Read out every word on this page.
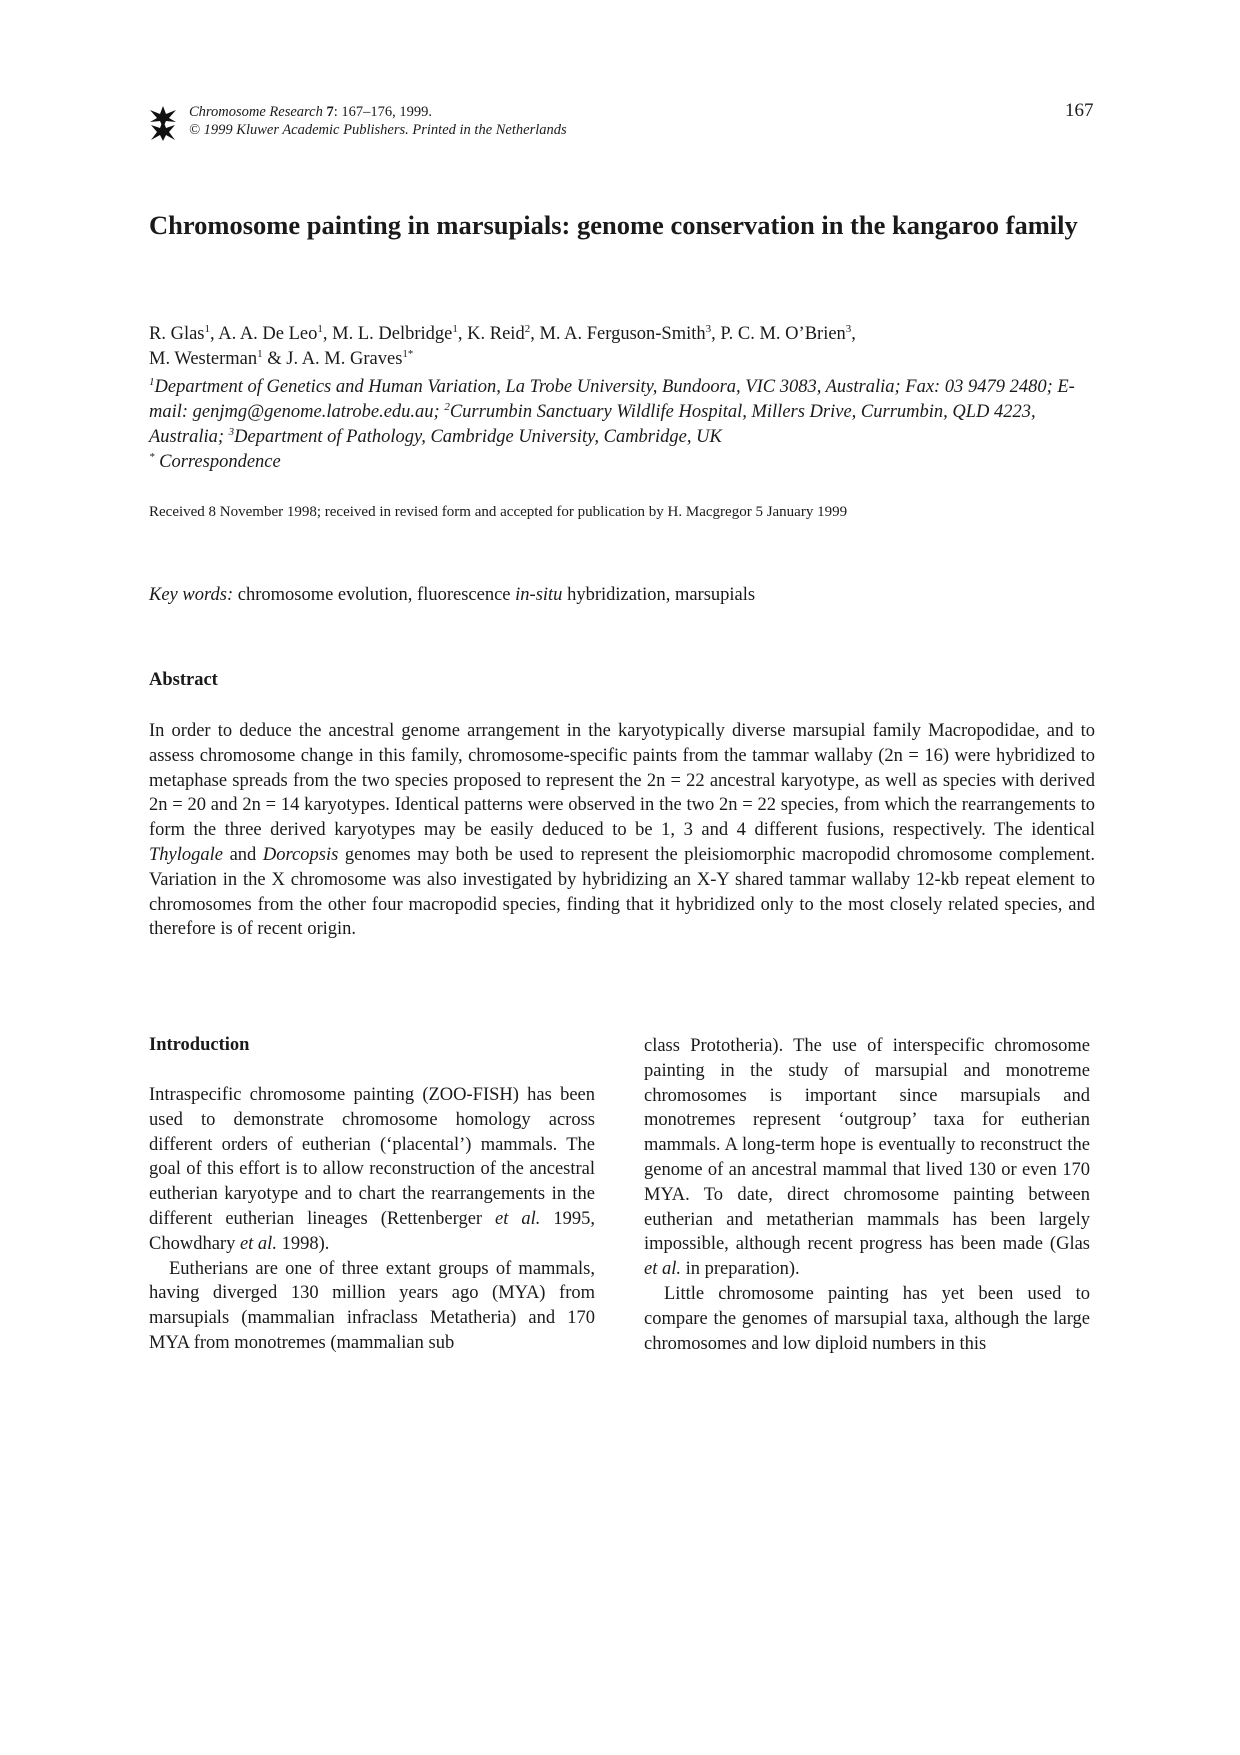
Chromosome Research 7: 167–176, 1999.
© 1999 Kluwer Academic Publishers. Printed in the Netherlands
167
Chromosome painting in marsupials: genome conservation in the kangaroo family
R. Glas$^1$, A. A. De Leo$^1$, M. L. Delbridge$^1$, K. Reid$^2$, M. A. Ferguson-Smith$^3$, P. C. M. O’Brien$^3$,
M. Westerman$^1$ & J. A. M. Graves$^{1*}$
$^1$Department of Genetics and Human Variation, La Trobe University, Bundoora, VIC 3083, Australia; Fax: 03 9479 2480; E-mail: genjmg@genome.latrobe.edu.au; $^2$Currumbin Sanctuary Wildlife Hospital, Millers Drive, Currumbin, QLD 4223, Australia; $^3$Department of Pathology, Cambridge University, Cambridge, UK
* Correspondence
Received 8 November 1998; received in revised form and accepted for publication by H. Macgregor 5 January 1999
Key words: chromosome evolution, fluorescence in-situ hybridization, marsupials
Abstract

In order to deduce the ancestral genome arrangement in the karyotypically diverse marsupial family Macropodidae, and to assess chromosome change in this family, chromosome-specific paints from the tammar wallaby (2n = 16) were hybridized to metaphase spreads from the two species proposed to represent the 2n = 22 ancestral karyotype, as well as species with derived 2n = 20 and 2n = 14 karyotypes. Identical patterns were observed in the two 2n = 22 species, from which the rearrangements to form the three derived karyotypes may be easily deduced to be 1, 3 and 4 different fusions, respectively. The identical Thylogale and Dorcopsis genomes may both be used to represent the pleisiomorphic macropodid chromosome complement. Variation in the X chromosome was also investigated by hybridizing an X-Y shared tammar wallaby 12-kb repeat element to chromosomes from the other four macropodid species, finding that it hybridized only to the most closely related species, and therefore is of recent origin.

Introduction

Intraspecific chromosome painting (ZOO-FISH) has been used to demonstrate chromosome homology across different orders of eutherian (‘placental’) mammals. The goal of this effort is to allow reconstruction of the ancestral eutherian karyotype and to chart the rearrangements in the different eutherian lineages (Rettenberger et al. 1995, Chowdhary et al. 1998).

Eutherians are one of three extant groups of mammals, having diverged 130 million years ago (MYA) from marsupials (mammalian infraclass Metatheria) and 170 MYA from monotremes (mammalian sub

class Prototheria). The use of interspecific chromosome painting in the study of marsupial and monotreme chromosomes is important since marsupials and monotremes represent ‘outgroup’ taxa for eutherian mammals. A long-term hope is eventually to reconstruct the genome of an ancestral mammal that lived 130 or even 170 MYA. To date, direct chromosome painting between eutherian and metatherian mammals has been largely impossible, although recent progress has been made (Glas et al. in preparation).

Little chromosome painting has yet been used to compare the genomes of marsupial taxa, although the large chromosomes and low diploid numbers in this
